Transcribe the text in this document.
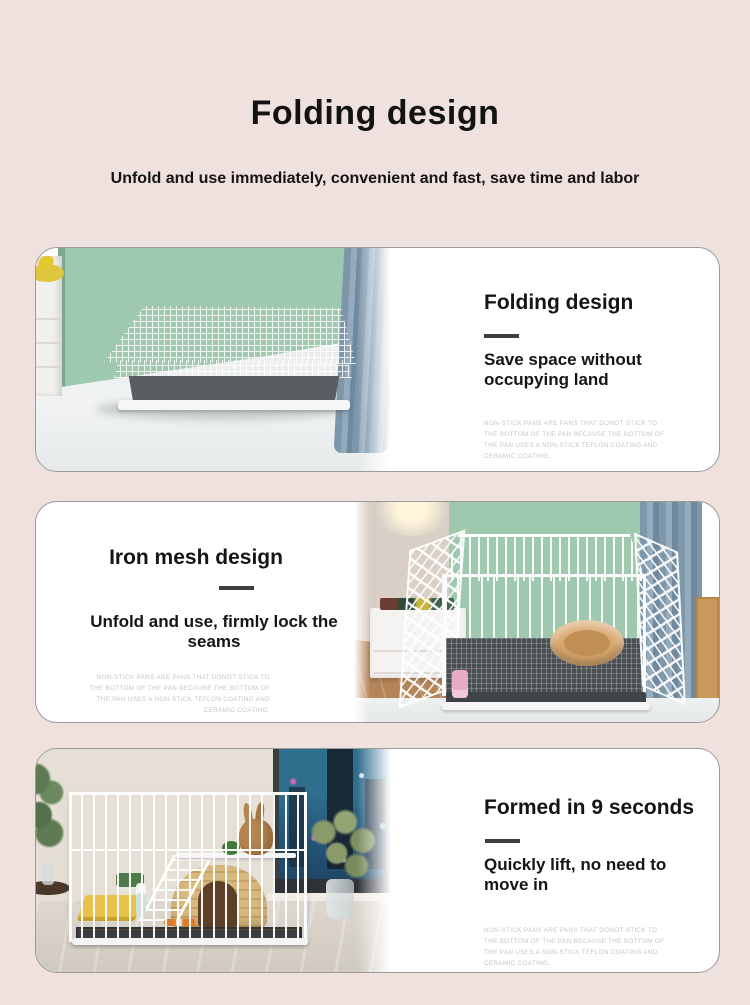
Folding design
Unfold and use immediately, convenient and fast, save time and labor
Folding design
Save space without occupying land
NON-STICK PANS ARE PANS THAT DONOT STICK TO THE BOTTOM OF THE PAN BECAUSE THE BOTTOM OF THE PAN USES A NON-STICK TEFLON COATING AND CERAMIC COATING.
Iron mesh design
Unfold and use, firmly lock the seams
NON-STICK PANS ARE PANS THAT DONOT STICK TO THE BOTTOM OF THE PAN BECAUSE THE BOTTOM OF THE PAN USES A NON-STICK TEFLON COATING AND CERAMIC COATING.
Formed in 9 seconds
Quickly lift, no need to move in
NON-STICK PANS ARE PANS THAT DONOT STICK TO THE BOTTOM OF THE PAN BECAUSE THE BOTTOM OF THE PAN USES A NON-STICK TEFLON COATING AND CERAMIC COATING.
